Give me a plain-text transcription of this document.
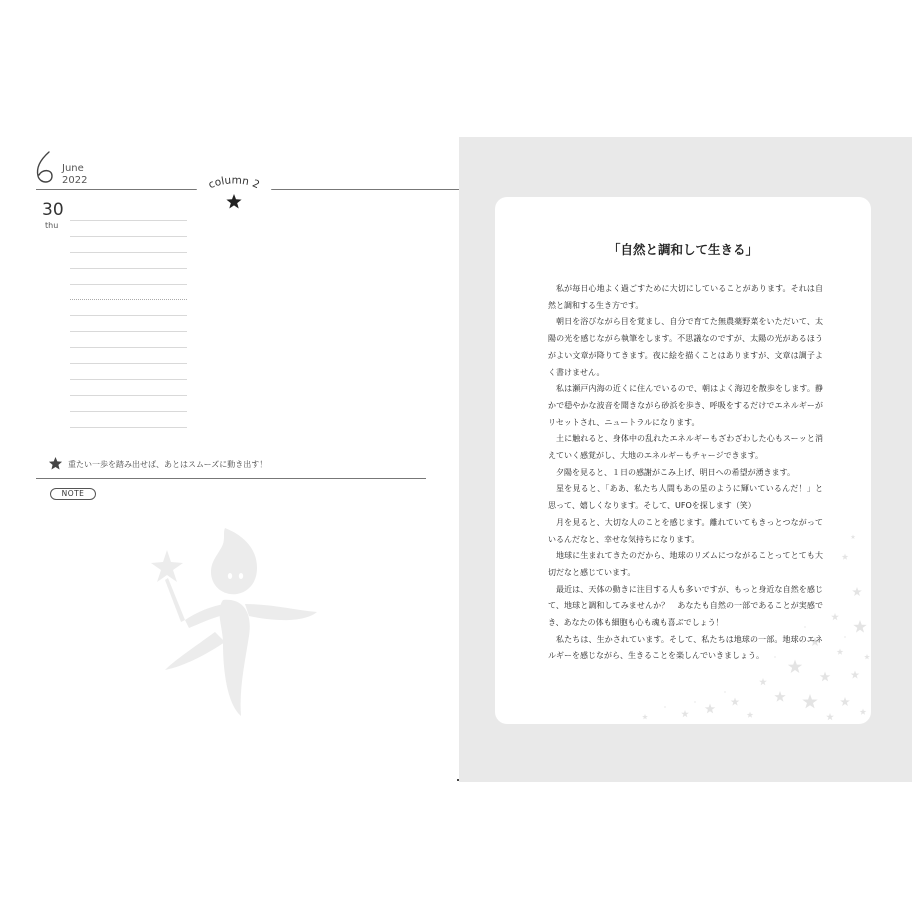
June
2022
30
thu
重たい一歩を踏み出せば、あとはスムーズに動き出す！
NOTE
「自然と調和して生きる」

私が毎日心地よく過ごすために大切にしていることがあります。それは自然と調和する生き方です。

朝日を浴びながら目を覚まし、自分で育てた無農薬野菜をいただいて、太陽の光を感じながら執筆をします。不思議なのですが、太陽の光があるほうがよい文章が降りてきます。夜に絵を描くことはありますが、文章は調子よく書けません。

私は瀬戸内海の近くに住んでいるので、朝はよく海辺を散歩をします。静かで穏やかな波音を聞きながら砂浜を歩き、呼吸をするだけでエネルギーがリセットされ、ニュートラルになります。

土に触れると、身体中の乱れたエネルギーもざわざわした心もスーッと消えていく感覚がし、大地のエネルギーもチャージできます。

夕陽を見ると、１日の感謝がこみ上げ、明日への希望が湧きます。

星を見ると、「ああ、私たち人間もあの星のように輝いているんだ！」と思って、嬉しくなります。そして、UFOを探します（笑）

月を見ると、大切な人のことを感じます。離れていてもきっとつながっているんだなと、幸せな気持ちになります。

地球に生まれてきたのだから、地球のリズムにつながることってとても大切だなと感じています。

最近は、天体の動きに注目する人も多いですが、もっと身近な自然を感じて、地球と調和してみませんか？　あなたも自然の一部であることが実感でき、あなたの体も細胞も心も魂も喜ぶでしょう！

私たちは、生かされています。そして、私たちは地球の一部。地球のエネルギーを感じながら、生きることを楽しんでいきましょう。

column 2
